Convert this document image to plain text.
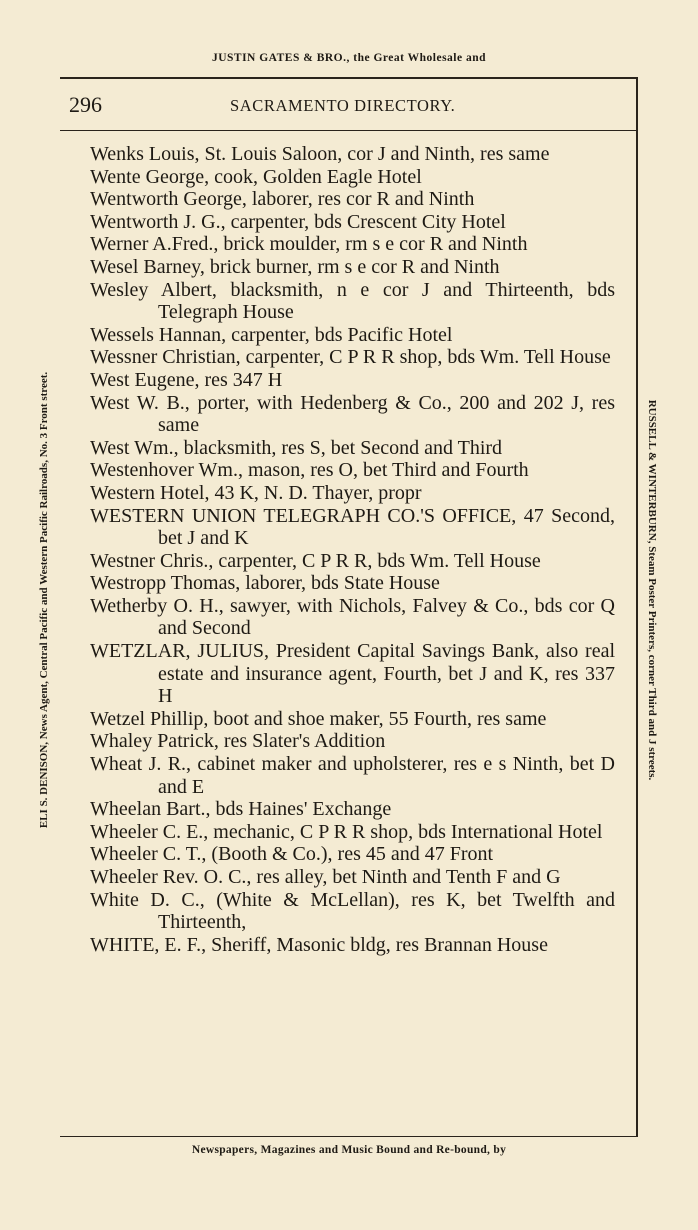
JUSTIN GATES & BRO., the Great Wholesale and
296	SACRAMENTO DIRECTORY.
ELI S. DENISON, News Agent, Central Pacific and Western Pacific Railroads, No. 3 Front street.	RUSSELL & WINTERBURN, Steam Poster Printers, corner Third and J streets.
Wenks Louis, St. Louis Saloon, cor J and Ninth, res same
Wente George, cook, Golden Eagle Hotel
Wentworth George, laborer, res cor R and Ninth
Wentworth J. G., carpenter, bds Crescent City Hotel
Werner A.Fred., brick moulder, rm s e cor R and Ninth
Wesel Barney, brick burner, rm s e cor R and Ninth
Wesley Albert, blacksmith, n e cor J and Thirteenth, bds Telegraph House
Wessels Hannan, carpenter, bds Pacific Hotel
Wessner Christian, carpenter, C P R R shop, bds Wm. Tell House
West Eugene, res 347 H
West W. B., porter, with Hedenberg & Co., 200 and 202 J, res same
West Wm., blacksmith, res S, bet Second and Third
Westenhover Wm., mason, res O, bet Third and Fourth
Western Hotel, 43 K, N. D. Thayer, propr
WESTERN UNION TELEGRAPH CO.'S OFFICE, 47 Second, bet J and K
Westner Chris., carpenter, C P R R, bds Wm. Tell House
Westropp Thomas, laborer, bds State House
Wetherby O. H., sawyer, with Nichols, Falvey & Co., bds cor Q and Second
WETZLAR, JULIUS, President Capital Savings Bank, also real estate and insurance agent, Fourth, bet J and K, res 337 H
Wetzel Phillip, boot and shoe maker, 55 Fourth, res same
Whaley Patrick, res Slater's Addition
Wheat J. R., cabinet maker and upholsterer, res e s Ninth, bet D and E
Wheelan Bart., bds Haines' Exchange
Wheeler C. E., mechanic, C P R R shop, bds International Hotel
Wheeler C. T., (Booth & Co.), res 45 and 47 Front
Wheeler Rev. O. C., res alley, bet Ninth and Tenth F and G
White D. C., (White & McLellan), res K, bet Twelfth and Thirteenth,
WHITE, E. F., Sheriff, Masonic bldg, res Brannan House
Newspapers, Magazines and Music Bound and Re-bound, by
